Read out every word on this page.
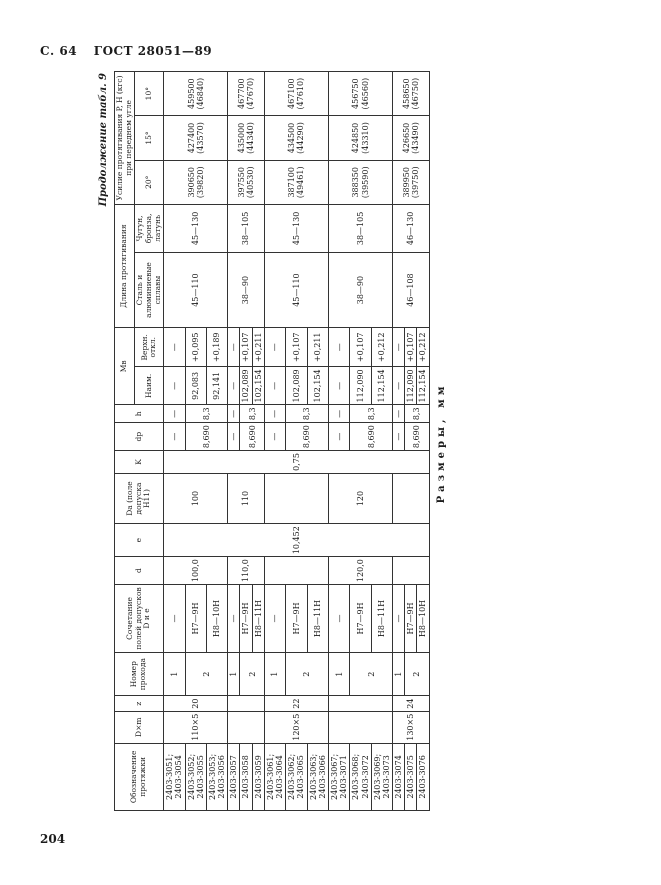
С. 64 ГОСТ 28051—89
Продолжение табл. 9
Размеры, мм
Обозначение протяжки	D×m	z	Номер прохода	Сочетание полей допусков D и e	d	e	Da (поле допуска H11)	K	dр	h	Mв		Длина протягивания		Усилие протягивания P, Н (кгс) при переднем угле		
											Наим.	Верхн. откл.	Сталь и алюминиевые сплавы	Чугун, бронза, латунь	20°	15°	10°
2403-3051; 2403-3054	110×5	20	1	—	100,0	10,452	100	0,75	—	—	—	—	45—110	45—130	390650 (39820)	427400 (43570)	459500 (46840)
2403-3052; 2403-3055			2	H7—9H					8,690	8,3	92,083	+0,095					
2403-3053; 2403-3056				H8—10H							92,141	+0,189					
2403-3057			1	—	110,0		110		—	—	—	—	38—90	38—105	397550 (40530)	435000 (44340)	467700 (47670)
2403-3058			2	H7—9H					8,690	8,3	102,089	+0,107					
2403-3059				H8—11H							102,154	+0,211					
2403-3061; 2403-3064	120×5	22	1	—					—	—	—	—	45—110	45—130	387100 (49461)	434500 (44290)	467100 (47610)
2403-3062; 2403-3065			2	H7—9H					8,690	8,3	102,089	+0,107					
2403-3063; 2403-3066				H8—11H							102,154	+0,211					
2403-3067; 2403-3071			1	—	120,0		120		—	—	—	—	38—90	38—105	388350 (39590)	424850 (43310)	456750 (46560)
2403-3068; 2403-3072			2	H7—9H					8,690	8,3	112,090	+0,107					
2403-3069; 2403-3073				H8—11H							112,154	+0,212					
2403-3074	130×5	24	1	—					—	—	—	—	46—108	46—130	389950 (39750)	426650 (43490)	458650 (46750)
2403-3075			2	H7—9H					8,690	8,3	112,090	+0,107					
2403-3076				H8—10H							112,154	+0,212					
204
